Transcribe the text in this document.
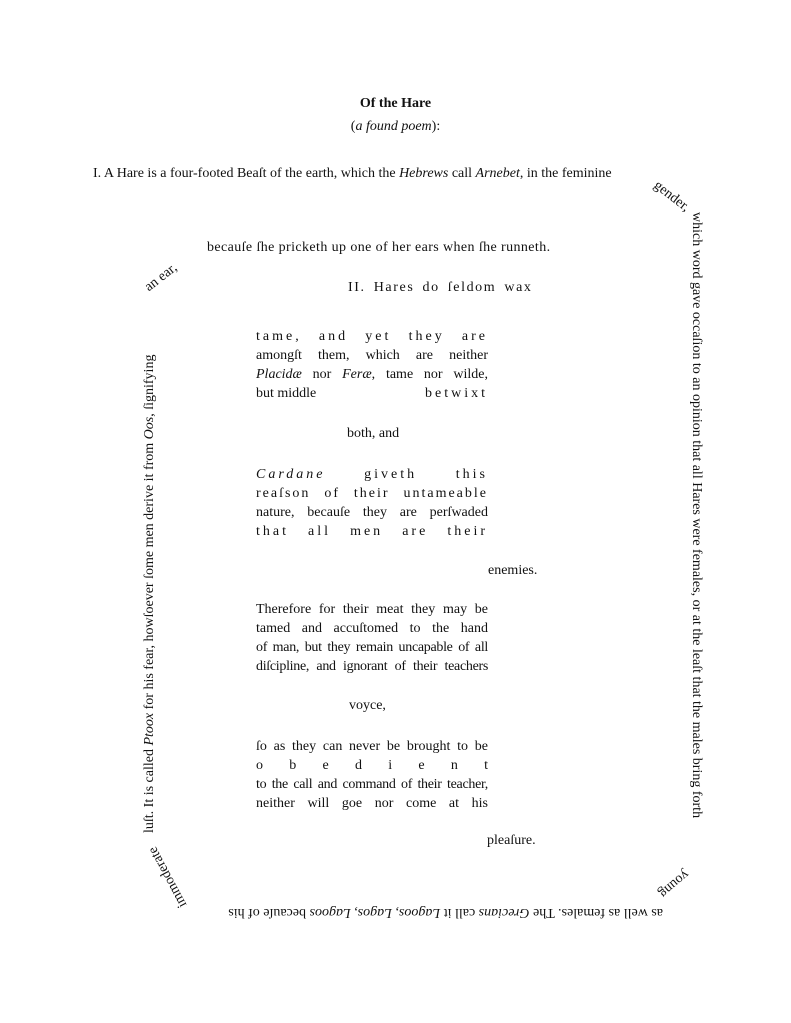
Of the Hare
(a found poem):
I. A Hare is a four-footed Beaſt of the earth, which the Hebrews call Arnebet, in the feminine
gender,
which word gave occaſion to an opinion that all Hares were females, or at the leaſt that the males bring forth
young
as well as females. The Grecians call it Lagoos, Lagos, Lagoos becauſe of his
immoderate
luſt. It is called Ptoox for his fear, howſoever ſome men derive it from Oos, ſignifying
an ear,
becauſe ſhe pricketh up one of her ears when ſhe runneth.
II. Hares do ſeldom wax
tame, and yet they are
amongſt them, which are neither
Placidæ nor Feræ, tame nor wilde,
but middle	betwixt
both, and
Cardane giveth this
reaſson of their untameable
nature, becauſe they are perſwaded
that all men are their
enemies.
Therefore for their meat they may be
tamed and accuſtomed to the hand
of man, but they remain uncapable of all
diſcipline, and ignorant of their teachers
voyce,
ſo as they can never be brought to be
o b e d i e n t
to the call and command of their teacher,
neither will goe nor come at his
pleaſure.
